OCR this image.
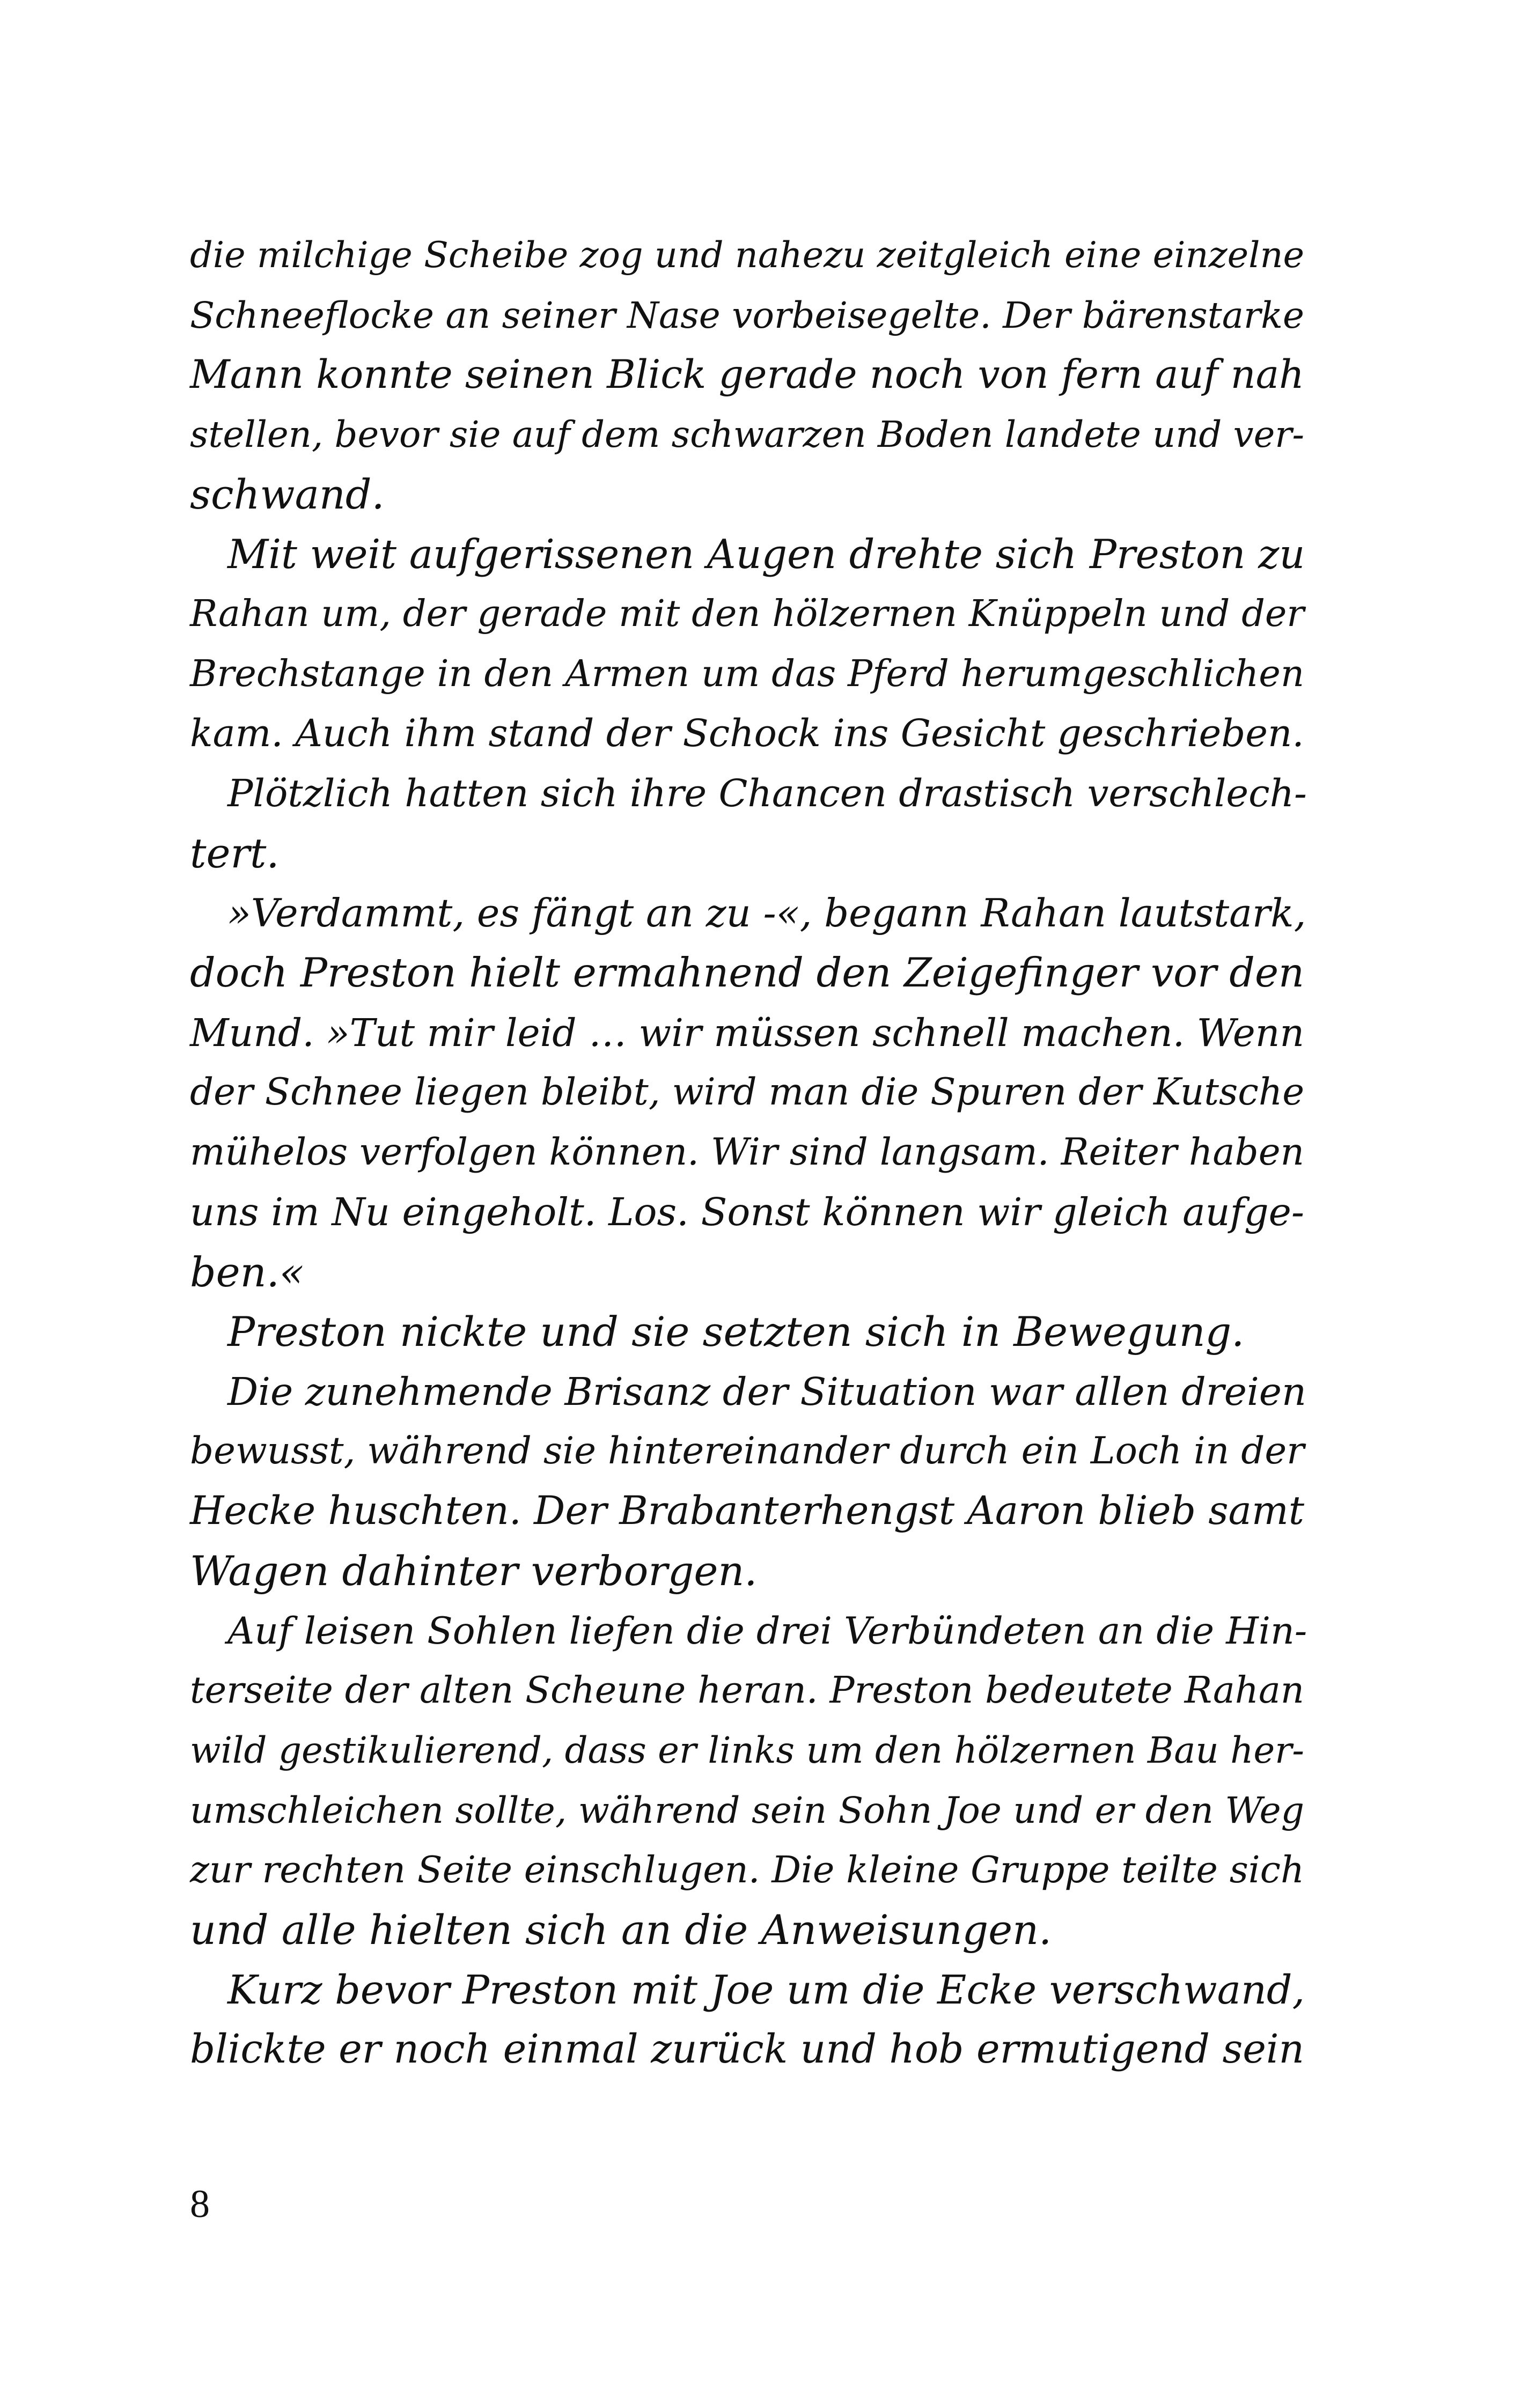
die milchige Scheibe zog und nahezu zeitgleich eine einzelne
Schneeflocke an seiner Nase vorbeisegelte. Der bärenstarke
Mann konnte seinen Blick gerade noch von fern auf nah
stellen, bevor sie auf dem schwarzen Boden landete und ver-
schwand.
Mit weit aufgerissenen Augen drehte sich Preston zu
Rahan um, der gerade mit den hölzernen Knüppeln und der
Brechstange in den Armen um das Pferd herumgeschlichen
kam. Auch ihm stand der Schock ins Gesicht geschrieben.
Plötzlich hatten sich ihre Chancen drastisch verschlech-
tert.
»Verdammt, es fängt an zu -«, begann Rahan lautstark,
doch Preston hielt ermahnend den Zeigefinger vor den
Mund. »Tut mir leid … wir müssen schnell machen. Wenn
der Schnee liegen bleibt, wird man die Spuren der Kutsche
mühelos verfolgen können. Wir sind langsam. Reiter haben
uns im Nu eingeholt. Los. Sonst können wir gleich aufge-
ben.«
Preston nickte und sie setzten sich in Bewegung.
Die zunehmende Brisanz der Situation war allen dreien
bewusst, während sie hintereinander durch ein Loch in der
Hecke huschten. Der Brabanterhengst Aaron blieb samt
Wagen dahinter verborgen.
Auf leisen Sohlen liefen die drei Verbündeten an die Hin-
terseite der alten Scheune heran. Preston bedeutete Rahan
wild gestikulierend, dass er links um den hölzernen Bau her-
umschleichen sollte, während sein Sohn Joe und er den Weg
zur rechten Seite einschlugen. Die kleine Gruppe teilte sich
und alle hielten sich an die Anweisungen.
Kurz bevor Preston mit Joe um die Ecke verschwand,
blickte er noch einmal zurück und hob ermutigend sein
8
